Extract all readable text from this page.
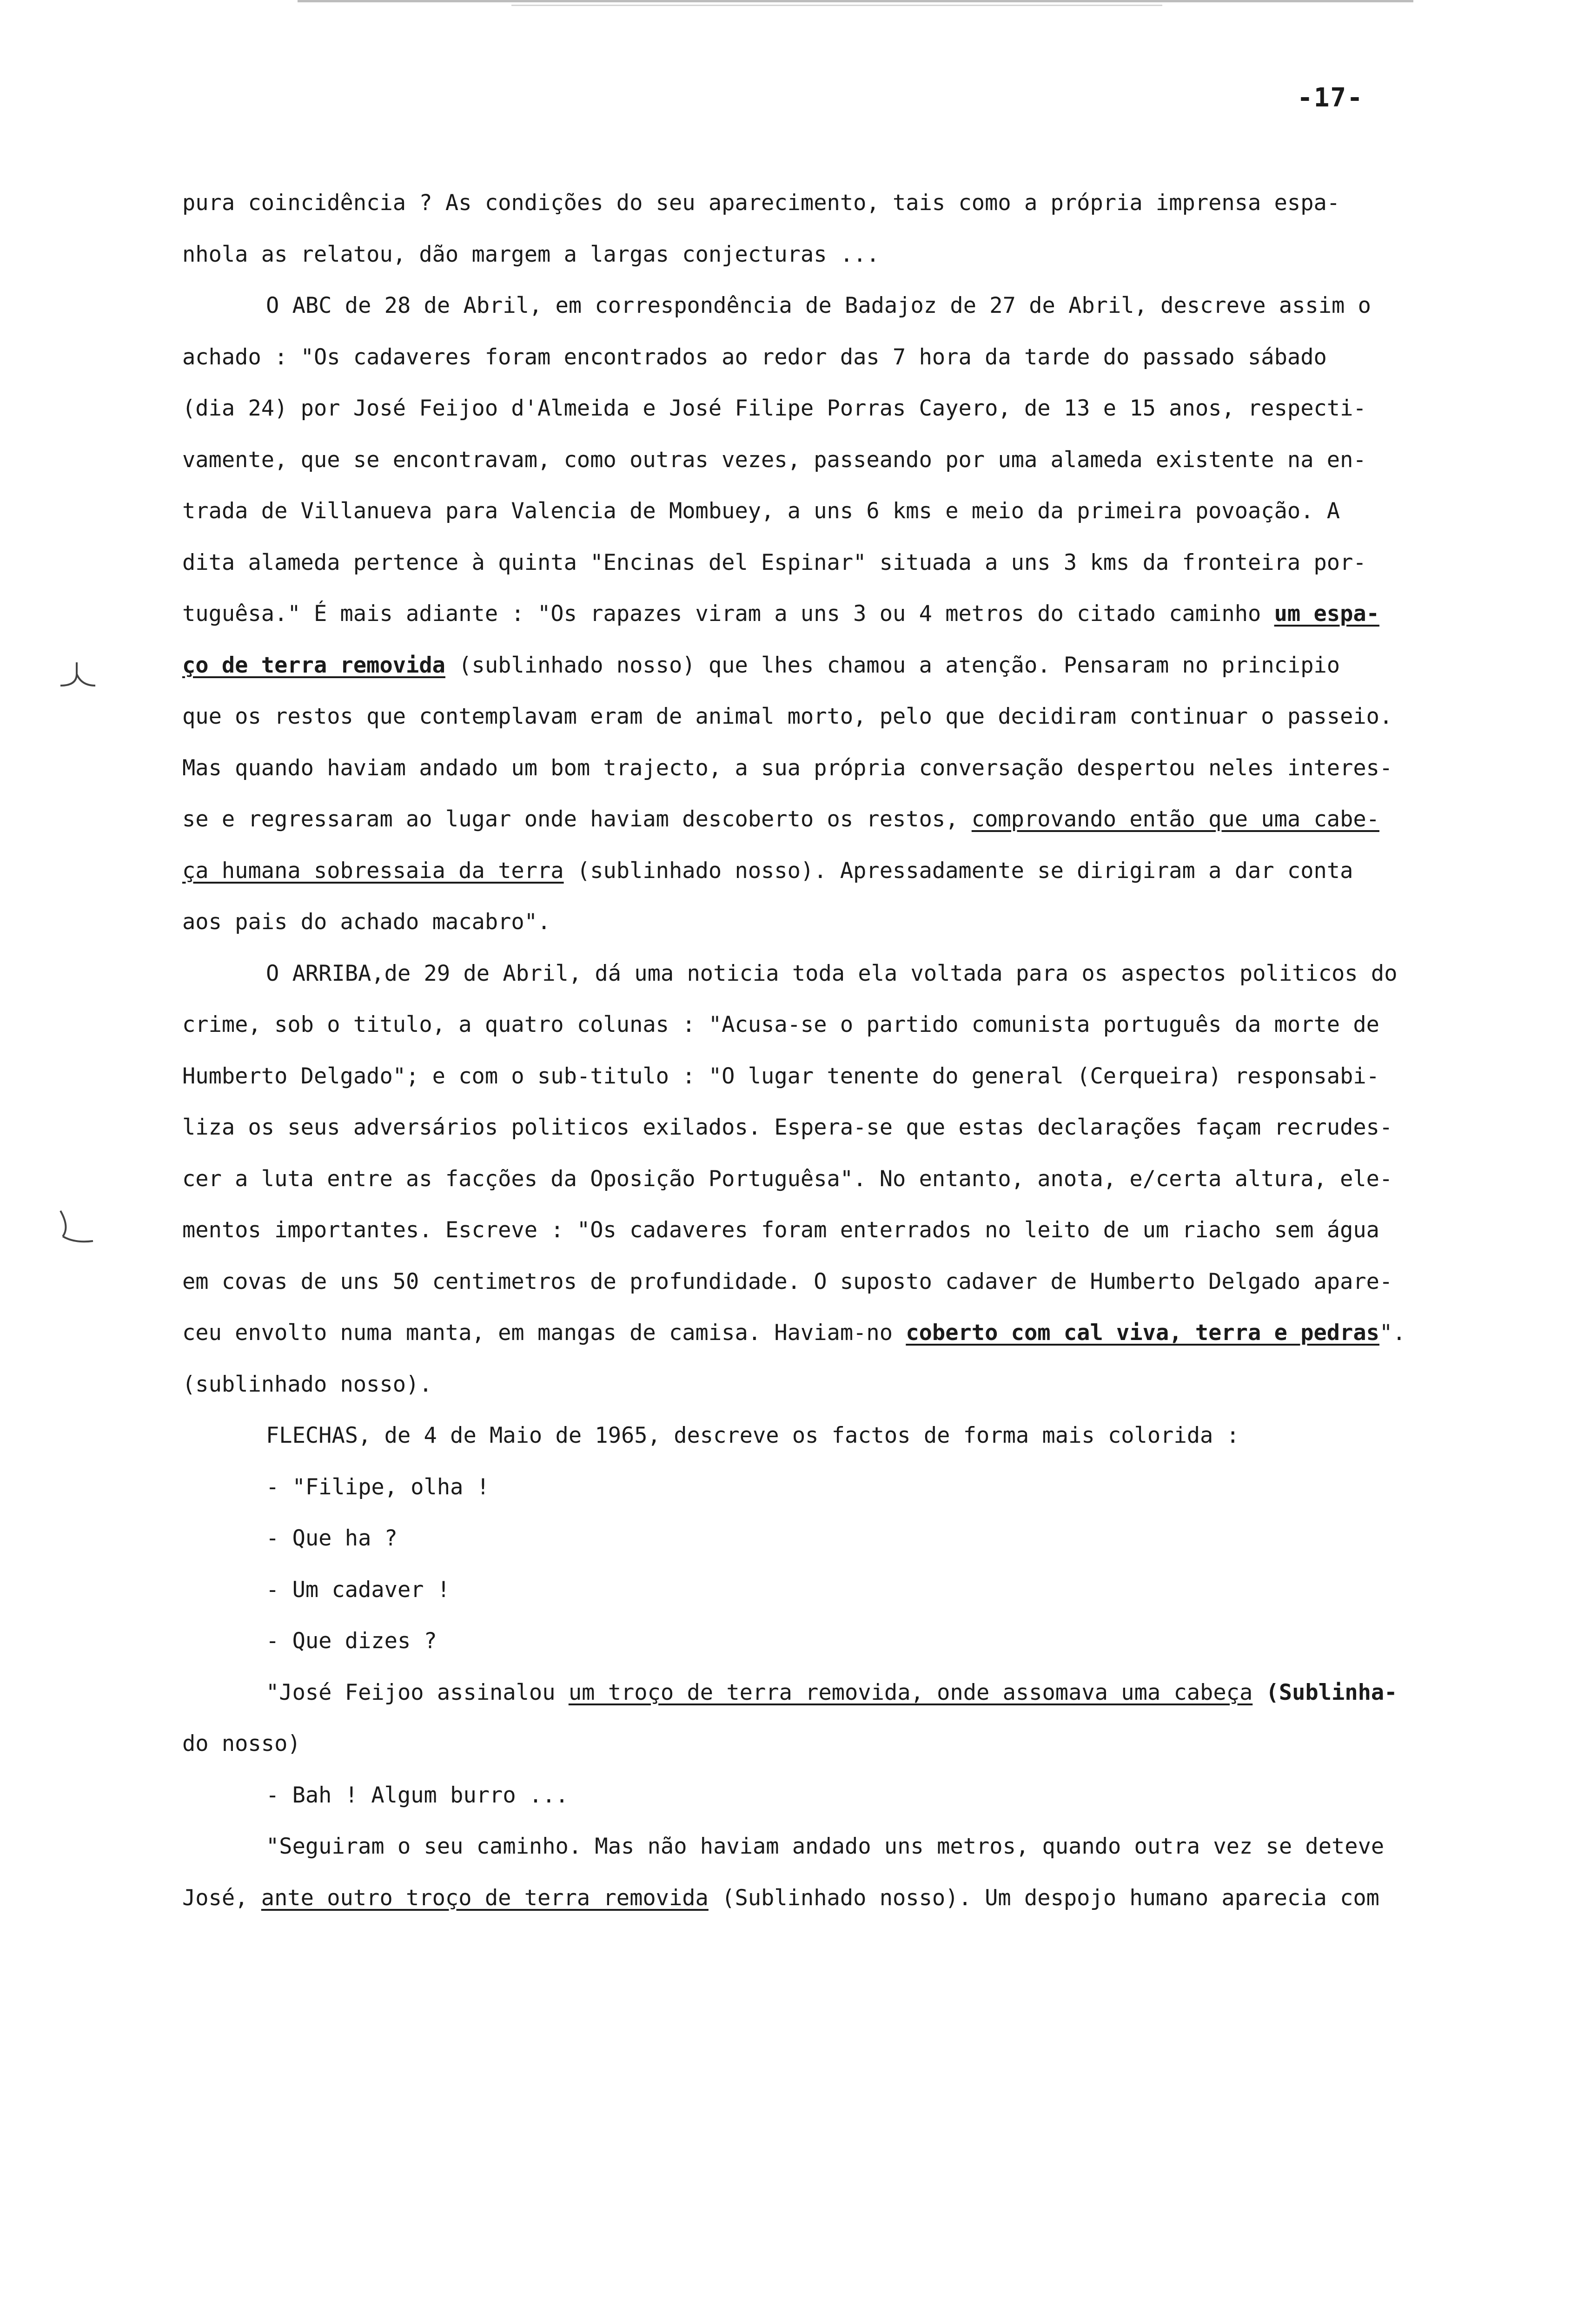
-17-
pura coincidência ? As condições do seu aparecimento, tais como a própria imprensa espa-
nhola as relatou, dão margem a largas conjecturas ...
O ABC de 28 de Abril, em correspondência de Badajoz de 27 de Abril, descreve assim o
achado : "Os cadaveres foram encontrados ao redor das 7 hora da tarde do passado sábado
(dia 24) por José Feijoo d'Almeida e José Filipe Porras Cayero, de 13 e 15 anos, respecti-
vamente, que se encontravam, como outras vezes, passeando por uma alameda existente na en-
trada de Villanueva para Valencia de Mombuey, a uns 6 kms e meio da primeira povoação. A
dita alameda pertence à quinta "Encinas del Espinar" situada a uns 3 kms da fronteira por-
tuguêsa." É mais adiante : "Os rapazes viram a uns 3 ou 4 metros do citado caminho um espa-
ço de terra removida (sublinhado nosso) que lhes chamou a atenção. Pensaram no principio
que os restos que contemplavam eram de animal morto, pelo que decidiram continuar o passeio.
Mas quando haviam andado um bom trajecto, a sua própria conversação despertou neles interes-
se e regressaram ao lugar onde haviam descoberto os restos, comprovando então que uma cabe-
ça humana sobressaia da terra (sublinhado nosso). Apressadamente se dirigiram a dar conta
aos pais do achado macabro".
O ARRIBA,de 29 de Abril, dá uma noticia toda ela voltada para os aspectos politicos do
crime, sob o titulo, a quatro colunas : "Acusa-se o partido comunista português da morte de
Humberto Delgado"; e com o sub-titulo : "O lugar tenente do general (Cerqueira) responsabi-
liza os seus adversários politicos exilados. Espera-se que estas declarações façam recrudes-
cer a luta entre as facções da Oposição Portuguêsa". No entanto, anota, e/certa altura, ele-
mentos importantes. Escreve : "Os cadaveres foram enterrados no leito de um riacho sem água
em covas de uns 50 centimetros de profundidade. O suposto cadaver de Humberto Delgado apare-
ceu envolto numa manta, em mangas de camisa. Haviam-no coberto com cal viva, terra e pedras".
(sublinhado nosso).
FLECHAS, de 4 de Maio de 1965, descreve os factos de forma mais colorida :
- "Filipe, olha !
- Que ha ?
- Um cadaver !
- Que dizes ?
"José Feijoo assinalou um troço de terra removida, onde assomava uma cabeça (Sublinha-
do nosso)
- Bah ! Algum burro ...
"Seguiram o seu caminho. Mas não haviam andado uns metros, quando outra vez se deteve
José, ante outro troço de terra removida (Sublinhado nosso). Um despojo humano aparecia com
